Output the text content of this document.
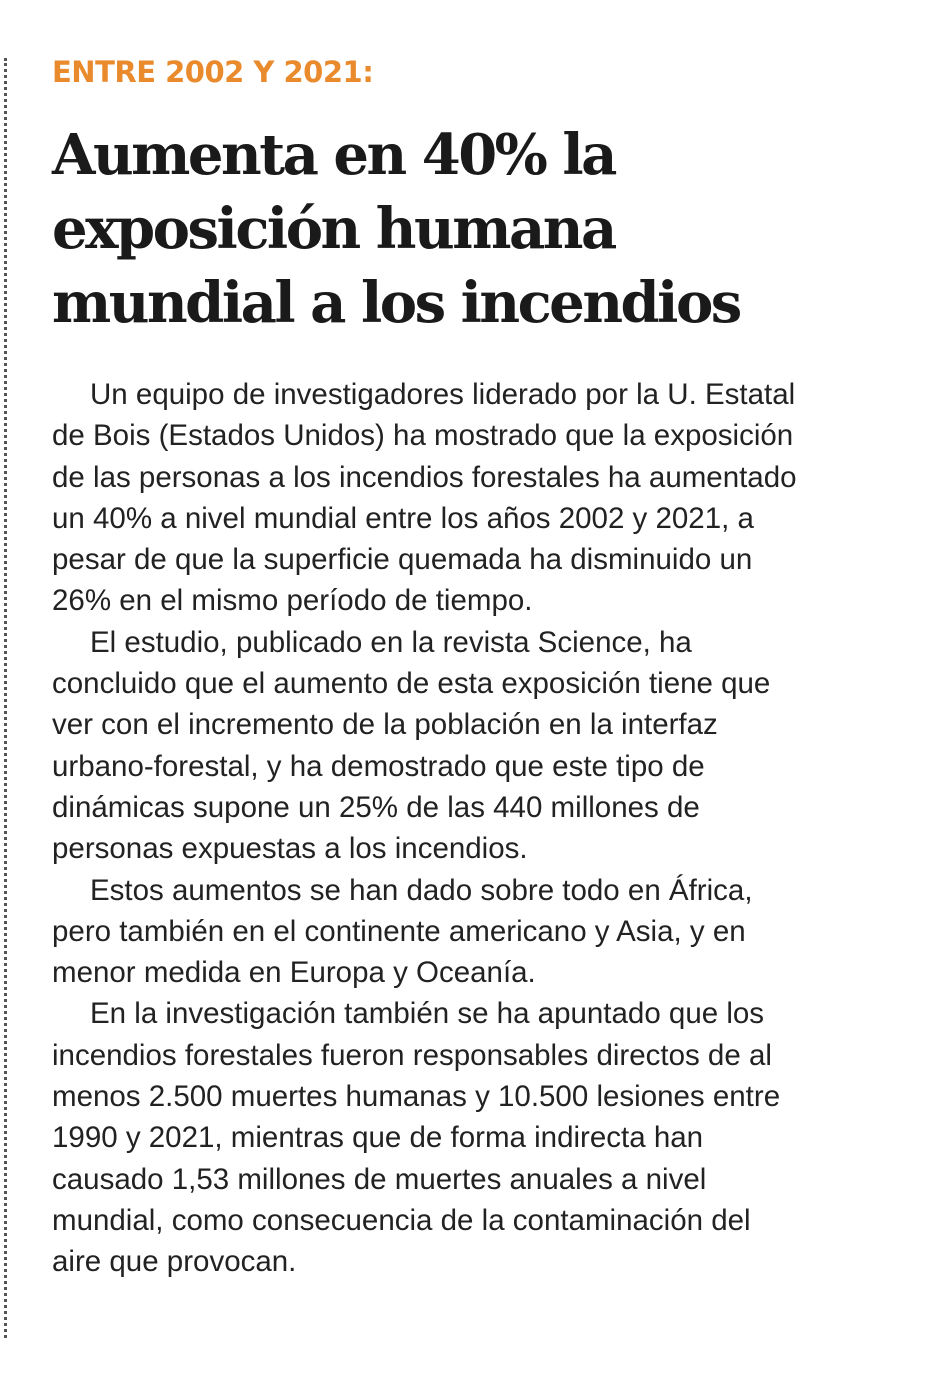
ENTRE 2002 Y 2021:
Aumenta en 40% la exposición humana mundial a los incendios

Un equipo de investigadores liderado por la U. Estatal de Bois (Estados Unidos) ha mostrado que la exposición de las personas a los incendios forestales ha aumentado un 40% a nivel mundial entre los años 2002 y 2021, a pesar de que la superficie quemada ha disminuido un 26% en el mismo período de tiempo.

El estudio, publicado en la revista Science, ha concluido que el aumento de esta exposición tiene que ver con el incremento de la población en la interfaz urbano-forestal, y ha demostrado que este tipo de dinámicas supone un 25% de las 440 millones de personas expuestas a los incendios.

Estos aumentos se han dado sobre todo en África, pero también en el continente americano y Asia, y en menor medida en Europa y Oceanía.

En la investigación también se ha apuntado que los incendios forestales fueron responsables directos de al menos 2.500 muertes humanas y 10.500 lesiones entre 1990 y 2021, mientras que de forma indirecta han causado 1,53 millones de muertes anuales a nivel mundial, como consecuencia de la contaminación del aire que provocan.
